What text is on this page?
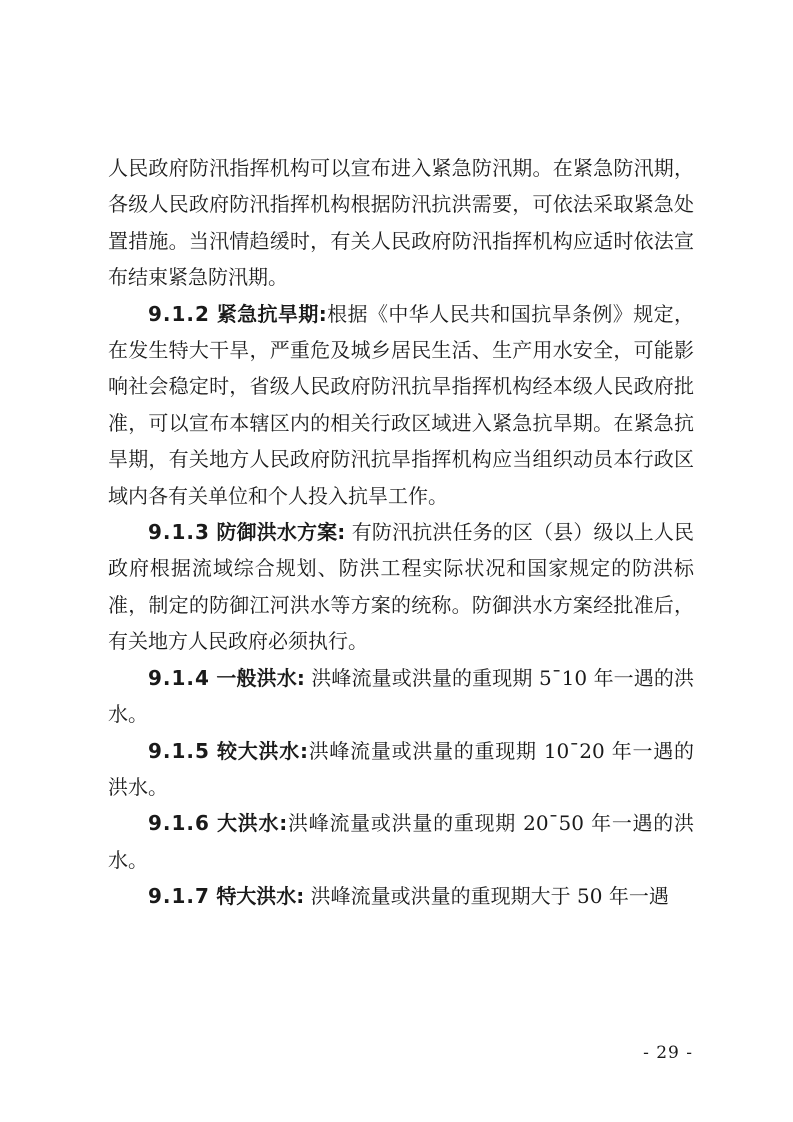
人民政府防汛指挥机构可以宣布进入紧急防汛期。在紧急防汛期，各级人民政府防汛指挥机构根据防汛抗洪需要，可依法采取紧急处置措施。当汛情趋缓时，有关人民政府防汛指挥机构应适时依法宣布结束紧急防汛期。

9.1.2 紧急抗旱期:根据《中华人民共和国抗旱条例》规定，在发生特大干旱，严重危及城乡居民生活、生产用水安全，可能影响社会稳定时，省级人民政府防汛抗旱指挥机构经本级人民政府批准，可以宣布本辖区内的相关行政区域进入紧急抗旱期。在紧急抗旱期，有关地方人民政府防汛抗旱指挥机构应当组织动员本行政区域内各有关单位和个人投入抗旱工作。

9.1.3 防御洪水方案: 有防汛抗洪任务的区（县）级以上人民政府根据流域综合规划、防洪工程实际状况和国家规定的防洪标准，制定的防御江河洪水等方案的统称。防御洪水方案经批准后，有关地方人民政府必须执行。

9.1.4 一般洪水: 洪峰流量或洪量的重现期 5¯10 年一遇的洪水。

9.1.5 较大洪水:洪峰流量或洪量的重现期 10¯20 年一遇的洪水。

9.1.6 大洪水:洪峰流量或洪量的重现期 20¯50 年一遇的洪水。

9.1.7 特大洪水: 洪峰流量或洪量的重现期大于 50 年一遇

- 29 -
